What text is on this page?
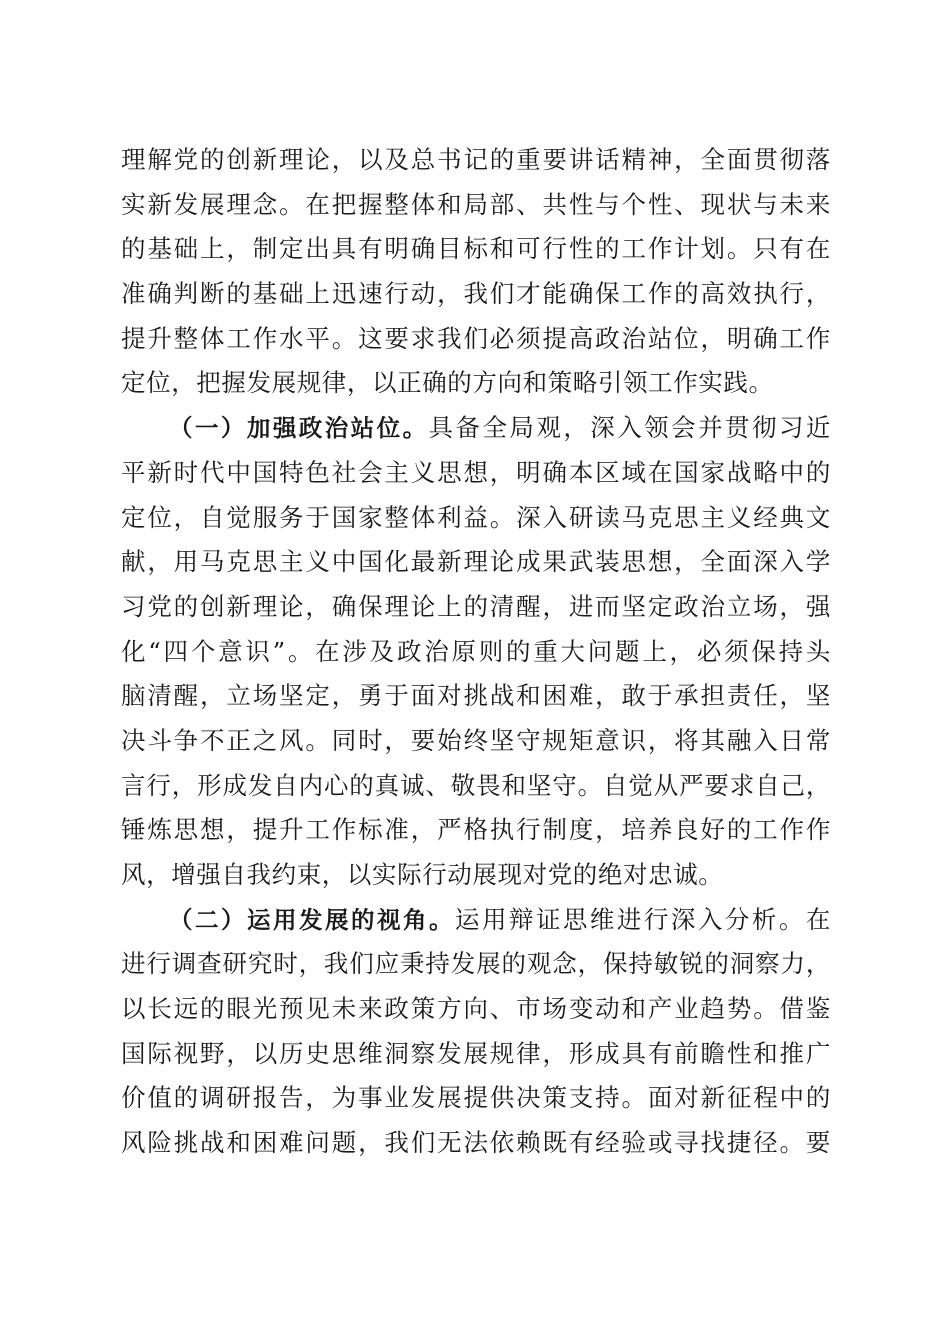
理解党的创新理论，以及总书记的重要讲话精神，全面贯彻落
实新发展理念。在把握整体和局部、共性与个性、现状与未来
的基础上，制定出具有明确目标和可行性的工作计划。只有在
准确判断的基础上迅速行动，我们才能确保工作的高效执行，
提升整体工作水平。这要求我们必须提高政治站位，明确工作
定位，把握发展规律，以正确的方向和策略引领工作实践。
（一）加强政治站位。具备全局观，深入领会并贯彻习近
平新时代中国特色社会主义思想，明确本区域在国家战略中的
定位，自觉服务于国家整体利益。深入研读马克思主义经典文
献，用马克思主义中国化最新理论成果武装思想，全面深入学
习党的创新理论，确保理论上的清醒，进而坚定政治立场，强
化“四个意识”。在涉及政治原则的重大问题上，必须保持头
脑清醒，立场坚定，勇于面对挑战和困难，敢于承担责任，坚
决斗争不正之风。同时，要始终坚守规矩意识，将其融入日常
言行，形成发自内心的真诚、敬畏和坚守。自觉从严要求自己，
锤炼思想，提升工作标准，严格执行制度，培养良好的工作作
风，增强自我约束，以实际行动展现对党的绝对忠诚。
（二）运用发展的视角。运用辩证思维进行深入分析。在
进行调查研究时，我们应秉持发展的观念，保持敏锐的洞察力，
以长远的眼光预见未来政策方向、市场变动和产业趋势。借鉴
国际视野，以历史思维洞察发展规律，形成具有前瞻性和推广
价值的调研报告，为事业发展提供决策支持。面对新征程中的
风险挑战和困难问题，我们无法依赖既有经验或寻找捷径。要
